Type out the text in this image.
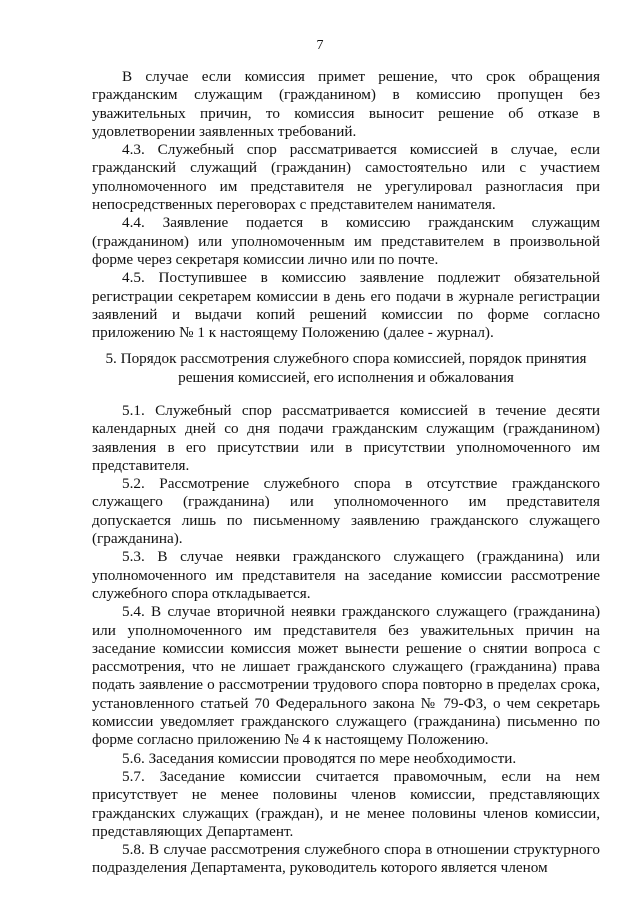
7

В случае если комиссия примет решение, что срок обращения гражданским служащим (гражданином) в комиссию пропущен без уважительных причин, то комиссия выносит решение об отказе в удовлетворении заявленных требований.

4.3. Служебный спор рассматривается комиссией в случае, если гражданский служащий (гражданин) самостоятельно или с участием уполномоченного им представителя не урегулировал разногласия при непосредственных переговорах с представителем нанимателя.

4.4. Заявление подается в комиссию гражданским служащим (гражданином) или уполномоченным им представителем в произвольной форме через секретаря комиссии лично или по почте.

4.5. Поступившее в комиссию заявление подлежит обязательной регистрации секретарем комиссии в день его подачи в журнале регистрации заявлений и выдачи копий решений комиссии по форме согласно приложению № 1 к настоящему Положению (далее - журнал).

5. Порядок рассмотрения служебного спора комиссией, порядок принятия решения комиссией, его исполнения и обжалования

5.1. Служебный спор рассматривается комиссией в течение десяти календарных дней со дня подачи гражданским служащим (гражданином) заявления в его присутствии или в присутствии уполномоченного им представителя.

5.2. Рассмотрение служебного спора в отсутствие гражданского служащего (гражданина) или уполномоченного им представителя допускается лишь по письменному заявлению гражданского служащего (гражданина).

5.3. В случае неявки гражданского служащего (гражданина) или уполномоченного им представителя на заседание комиссии рассмотрение служебного спора откладывается.

5.4. В случае вторичной неявки гражданского служащего (гражданина) или уполномоченного им представителя без уважительных причин на заседание комиссии комиссия может вынести решение о снятии вопроса с рассмотрения, что не лишает гражданского служащего (гражданина) права подать заявление о рассмотрении трудового спора повторно в пределах срока, установленного статьей 70 Федерального закона № 79-ФЗ, о чем секретарь комиссии уведомляет гражданского служащего (гражданина) письменно по форме согласно приложению № 4 к настоящему Положению.

5.6. Заседания комиссии проводятся по мере необходимости.

5.7. Заседание комиссии считается правомочным, если на нем присутствует не менее половины членов комиссии, представляющих гражданских служащих (граждан), и не менее половины членов комиссии, представляющих Департамент.

5.8. В случае рассмотрения служебного спора в отношении структурного подразделения Департамента, руководитель которого является членом
